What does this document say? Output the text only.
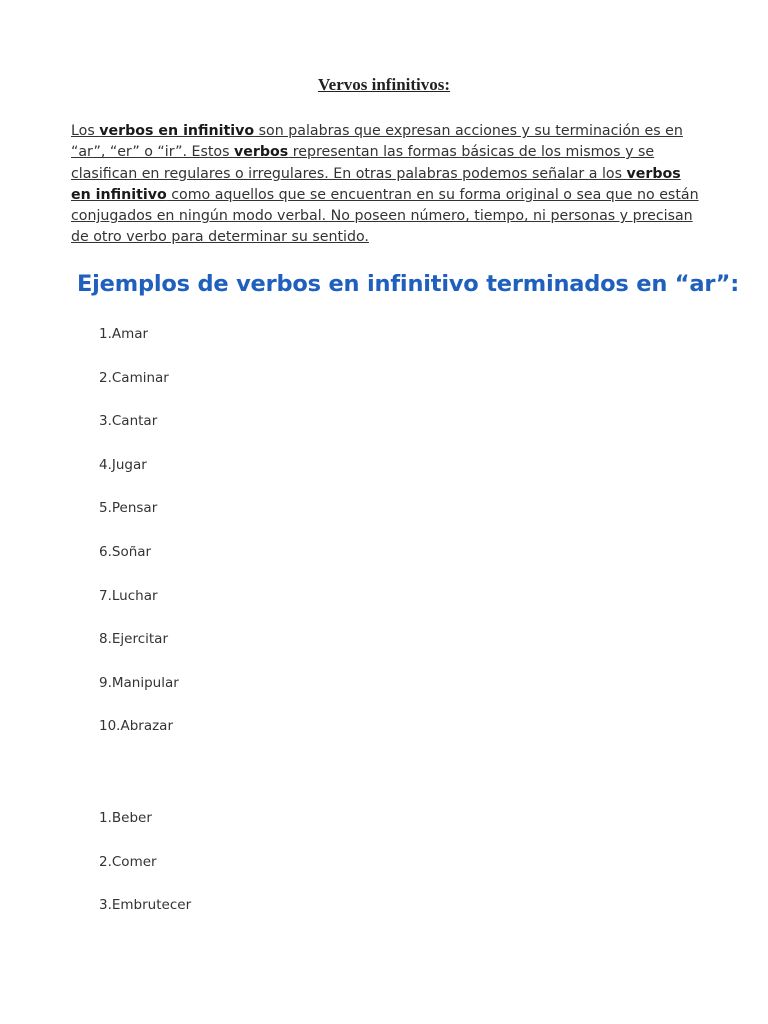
Vervos infinitivos:

Los verbos en infinitivo son palabras que expresan acciones y su terminación es en “ar”, “er” o “ir”. Estos verbos representan las formas básicas de los mismos y se clasifican en regulares o irregulares. En otras palabras podemos señalar a los verbos en infinitivo como aquellos que se encuentran en su forma original o sea que no están conjugados en ningún modo verbal. No poseen número, tiempo, ni personas y precisan de otro verbo para determinar su sentido.

Ejemplos de verbos en infinitivo terminados en “ar”:
1.Amar
2.Caminar
3.Cantar
4.Jugar
5.Pensar
6.Soñar
7.Luchar
8.Ejercitar
9.Manipular
10.Abrazar
1.Beber
2.Comer
3.Embrutecer
